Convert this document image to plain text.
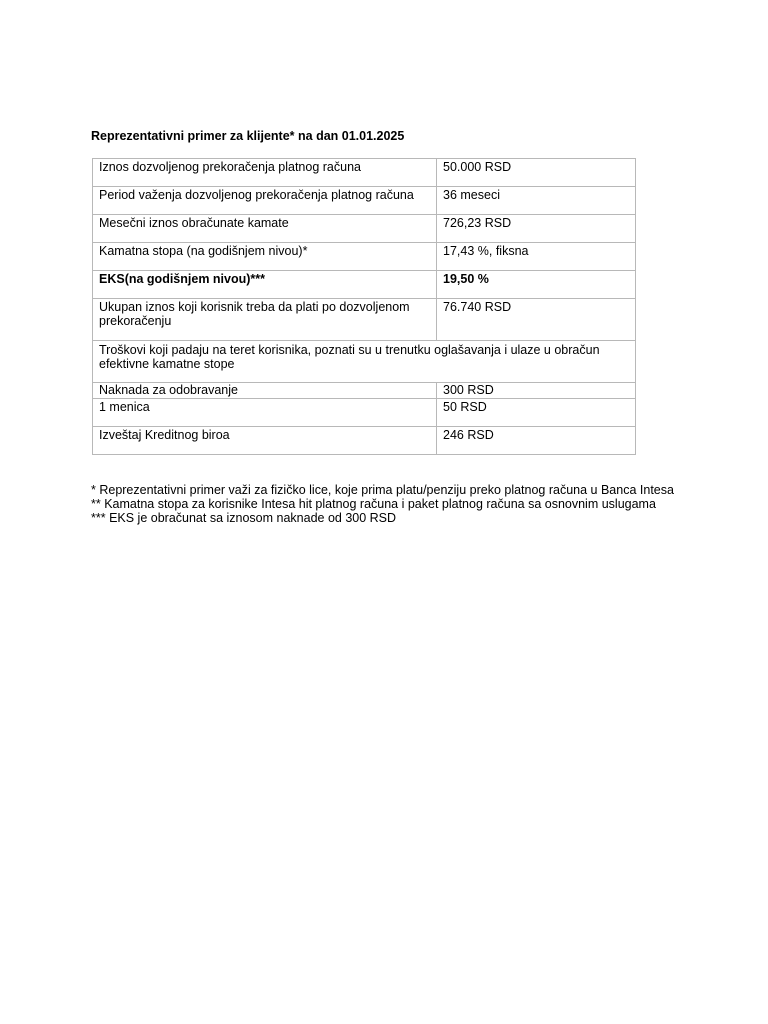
Reprezentativni primer za klijente* na dan 01.01.2025
Iznos dozvoljenog prekoračenja platnog računa	50.000 RSD
Period važenja dozvoljenog prekoračenja platnog računa	36 meseci
Mesečni iznos obračunate kamate	726,23 RSD
Kamatna stopa (na godišnjem nivou)*	17,43 %, fiksna
EKS(na godišnjem nivou)***	19,50 %
Ukupan iznos koji korisnik treba da plati po dozvoljenom prekoračenju	76.740 RSD
Troškovi koji padaju na teret korisnika, poznati su u trenutku oglašavanja i ulaze u obračun efektivne kamatne stope	
Naknada za odobravanje	300 RSD
1 menica	50 RSD
Izveštaj Kreditnog biroa	246 RSD

* Reprezentativni primer važi za fizičko lice, koje prima platu/penziju preko platnog računa u Banca Intesa

** Kamatna stopa za korisnike Intesa hit platnog računa i paket platnog računa sa osnovnim uslugama

*** EKS je obračunat sa iznosom naknade od 300 RSD
